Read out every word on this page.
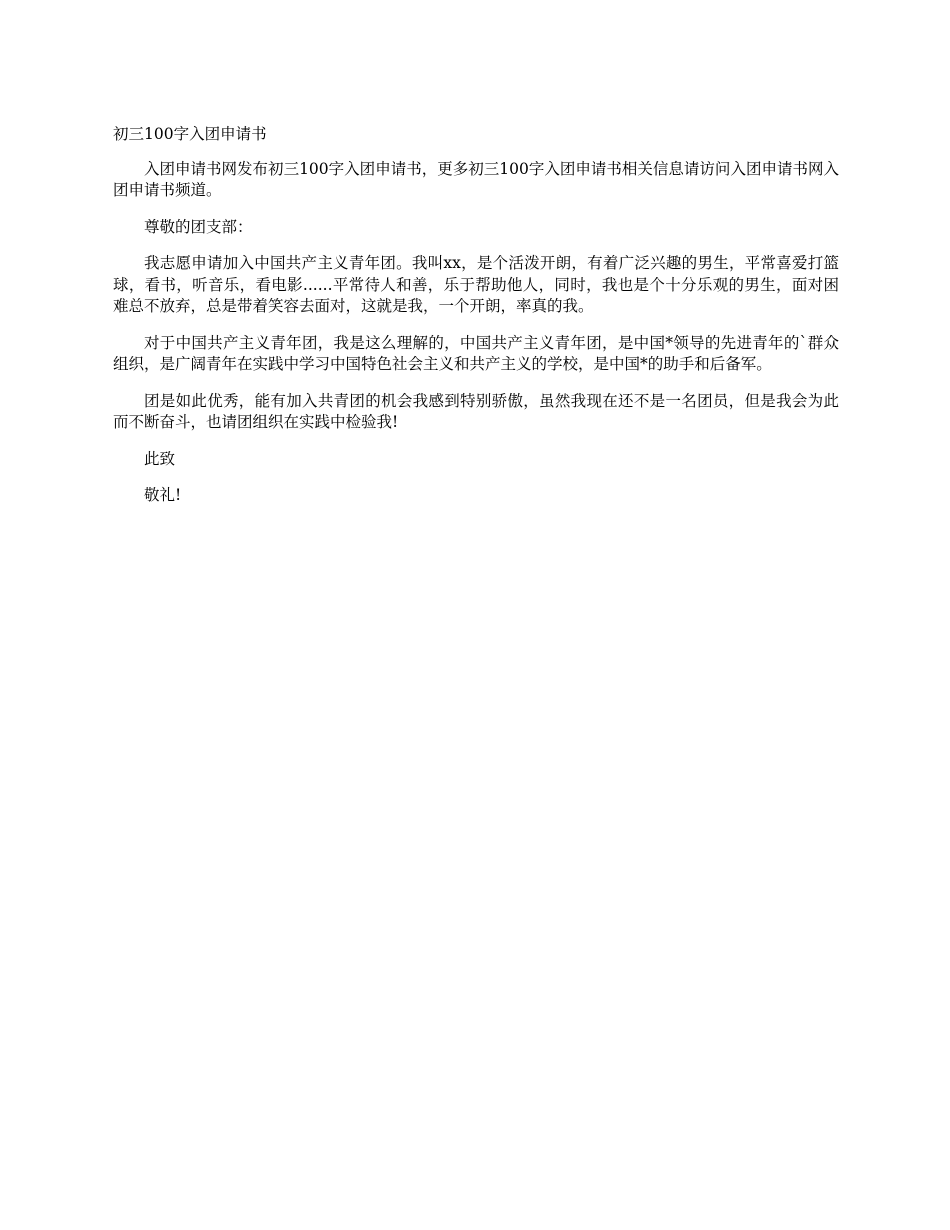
初三100字入团申请书

入团申请书网发布初三100字入团申请书，更多初三100字入团申请书相关信息请访问入团申请书网入团申请书频道。

尊敬的团支部：

我志愿申请加入中国共产主义青年团。我叫xx，是个活泼开朗，有着广泛兴趣的男生，平常喜爱打篮球，看书，听音乐，看电影......平常待人和善，乐于帮助他人，同时，我也是个十分乐观的男生，面对困难总不放弃，总是带着笑容去面对，这就是我，一个开朗，率真的我。

对于中国共产主义青年团，我是这么理解的，中国共产主义青年团，是中国*领导的先进青年的`群众组织，是广阔青年在实践中学习中国特色社会主义和共产主义的学校，是中国*的助手和后备军。

团是如此优秀，能有加入共青团的机会我感到特别骄傲，虽然我现在还不是一名团员，但是我会为此而不断奋斗，也请团组织在实践中检验我!

此致

敬礼!
